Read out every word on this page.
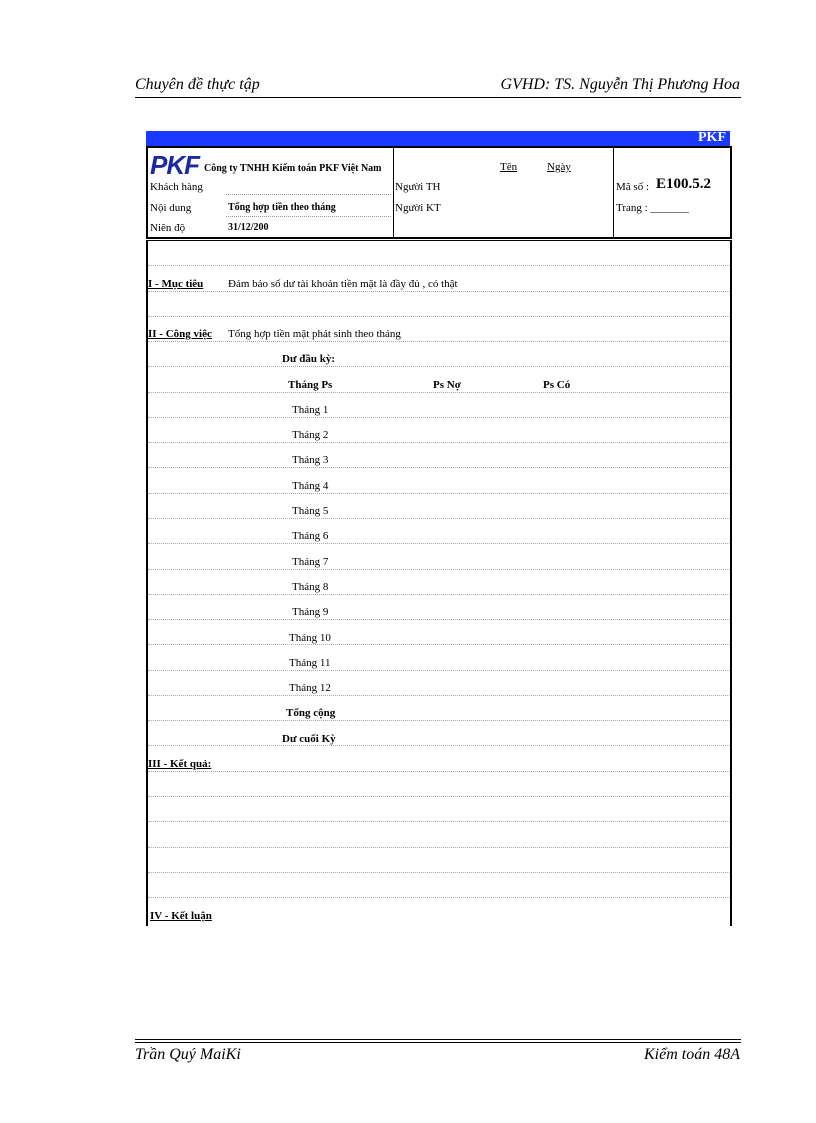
Chuyên đề thực tập	GVHD: TS. Nguyễn Thị Phương Hoa
PKF
PKF Công ty TNHH Kiểm toán PKF Việt Nam
Khách hàng
Nội dung	Tổng hợp tiền theo tháng
Niên độ	31/12/200
Tên	Ngày
Người TH
Người KT
Mã số : E100.5.2
Trang : _______
I - Mục tiêu Đảm bảo số dư tài khoản tiền mặt là đầy đủ , có thật
II - Công việc Tổng hợp tiền mặt phát sinh theo tháng
Dư đầu kỳ:
Tháng Ps	Ps Nợ	Ps Có
Tháng 1
Tháng 2
Tháng 3
Tháng 4
Tháng 5
Tháng 6
Tháng 7
Tháng 8
Tháng 9
Tháng 10
Tháng 11
Tháng 12
Tổng cộng
Dư cuối Kỳ
III - Kết quả:
IV - Kết luận
Trần Quý MaiKi	Kiểm toán 48A
